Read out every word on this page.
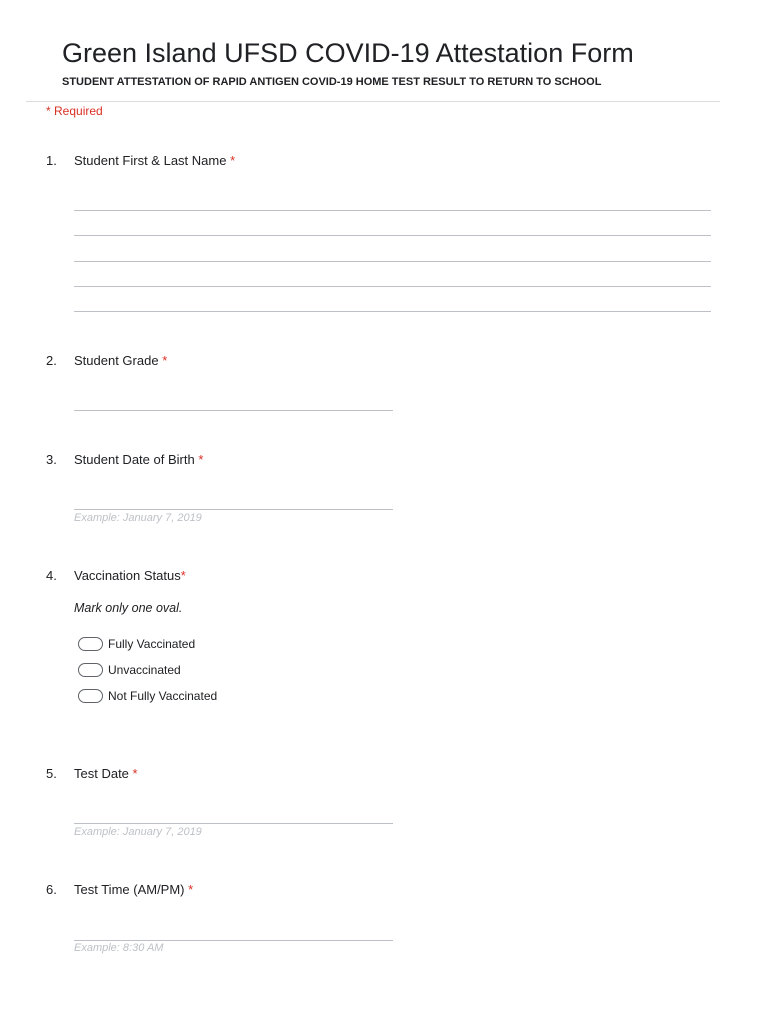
Green Island UFSD COVID-19 Attestation Form
STUDENT ATTESTATION OF RAPID ANTIGEN COVID-19 HOME TEST RESULT TO RETURN TO SCHOOL
* Required
1. Student First & Last Name *
2. Student Grade *
3. Student Date of Birth *
Example: January 7, 2019
4. Vaccination Status*
Mark only one oval.
Fully Vaccinated
Unvaccinated
Not Fully Vaccinated
5. Test Date *
Example: January 7, 2019
6. Test Time (AM/PM) *
Example: 8:30 AM
